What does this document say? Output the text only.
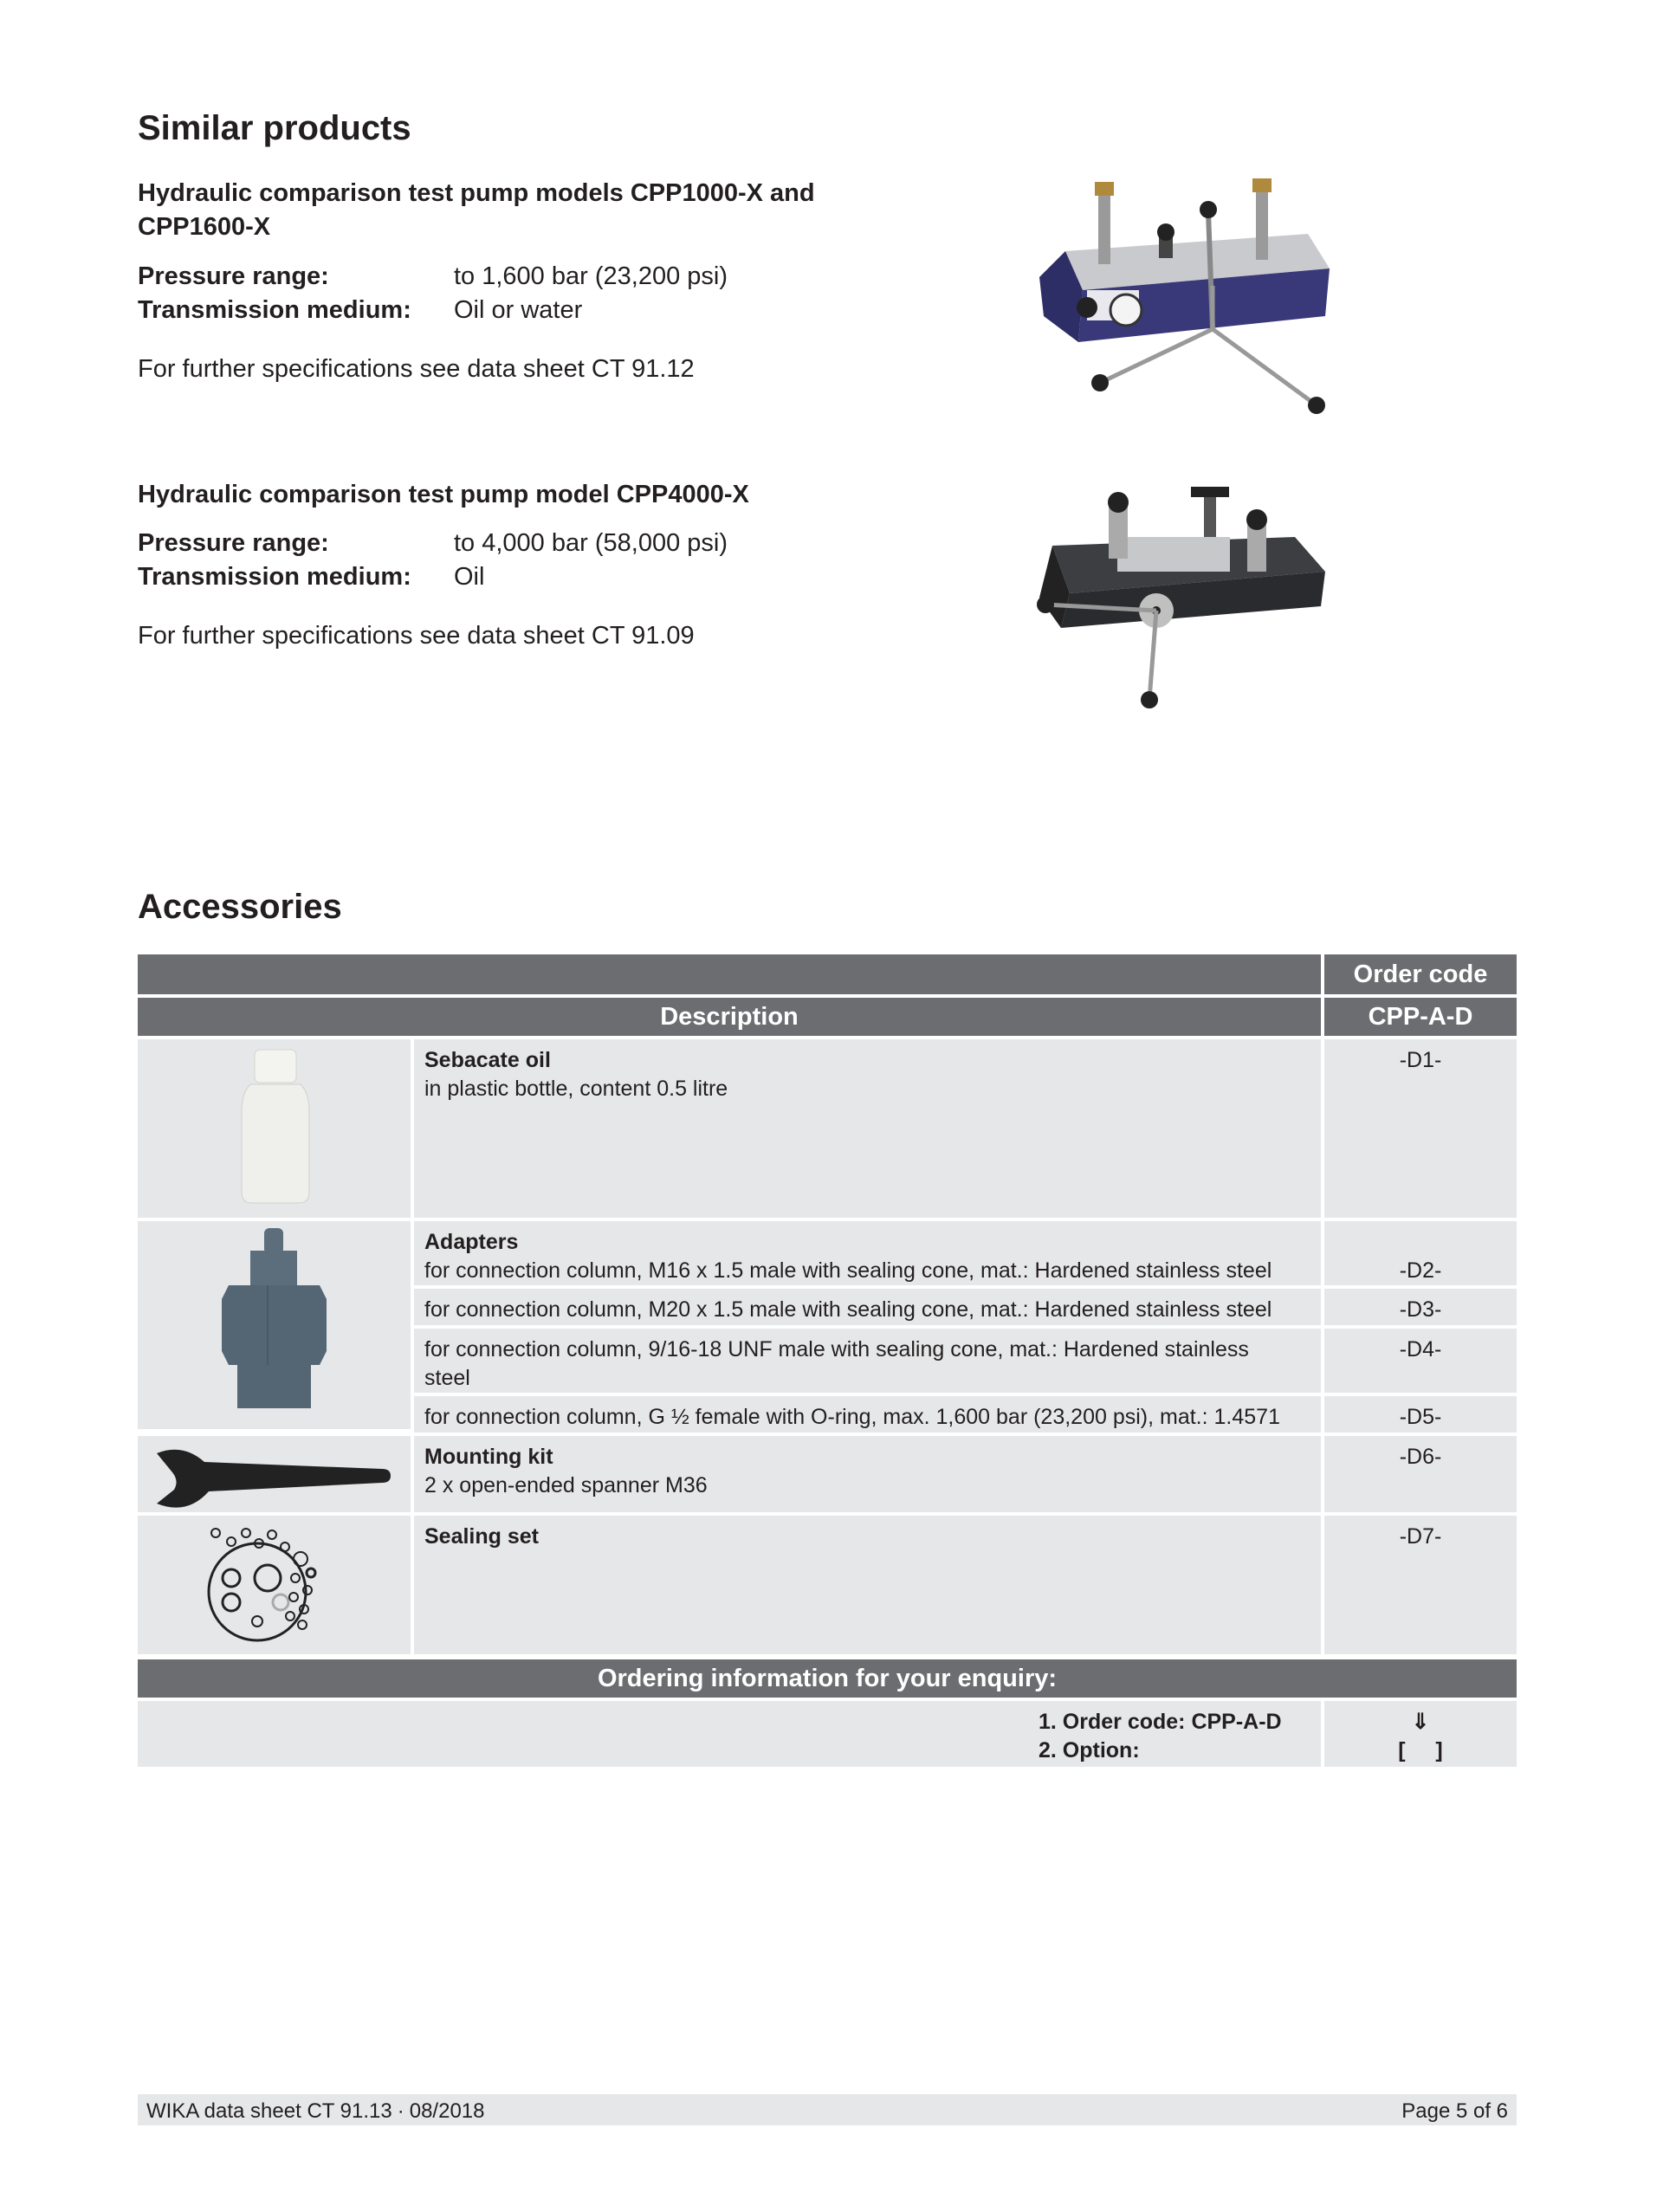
Similar products
Hydraulic comparison test pump models CPP1000-X and CPP1600-X
Pressure range:	to 1,600 bar (23,200 psi)
Transmission medium: Oil or water
For further specifications see data sheet CT 91.12
Hydraulic comparison test pump model CPP4000-X
Pressure range:	to 4,000 bar (58,000 psi)
Transmission medium: Oil
For further specifications see data sheet CT 91.09
Accessories
Order code
Description	CPP-A-D
Sebacate oil
in plastic bottle, content 0.5 litre
-D1-
Adapters
for connection column, M16 x 1.5 male with sealing cone, mat.: Hardened stainless steel	-D2-
for connection column, M20 x 1.5 male with sealing cone, mat.: Hardened stainless steel	-D3-
for connection column, 9/16-18 UNF male with sealing cone, mat.: Hardened stainless steel
-D4-
for connection column, G ½ female with O-ring, max. 1,600 bar (23,200 psi), mat.: 1.4571	-D5-
Mounting kit
2 x open-ended spanner M36
-D6-
Sealing set	-D7-
Ordering information for your enquiry:
1. Order code: CPP-A-D
2. Option:
⇓
[     ]
WIKA data sheet CT 91.13 ∙ 08/2018	Page 5 of 6
